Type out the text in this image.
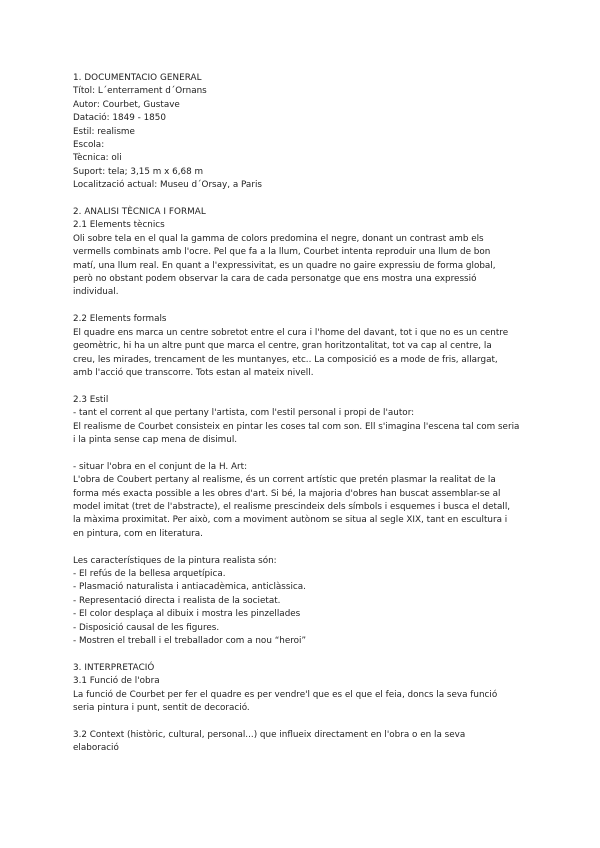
1. DOCUMENTACIO GENERAL

Títol: L´enterrament d´Ornans

Autor: Courbet, Gustave

Datació: 1849 - 1850

Estil: realisme

Escola:

Tècnica: oli

Suport: tela; 3,15 m x 6,68 m

Localització actual: Museu d´Orsay, a Paris

2. ANALISI TÈCNICA I FORMAL

2.1 Elements tècnics

Oli sobre tela en el qual la gamma de colors predomina el negre, donant un contrast amb els

vermells combinats amb l'ocre. Pel que fa a la llum, Courbet intenta reproduir una llum de bon

matí, una llum real. En quant a l'expressivitat, es un quadre no gaire expressiu de forma global,

però no obstant podem observar la cara de cada personatge que ens mostra una expressió

individual.

2.2 Elements formals

El quadre ens marca un centre sobretot entre el cura i l'home del davant, tot i que no es un centre

geomètric, hi ha un altre punt que marca el centre, gran horitzontalitat, tot va cap al centre, la

creu, les mirades, trencament de les muntanyes, etc.. La composició es a mode de fris, allargat,

amb l'acció que transcorre. Tots estan al mateix nivell.

2.3 Estil

- tant el corrent al que pertany l'artista, com l'estil personal i propi de l'autor:

El realisme de Courbet consisteix en pintar les coses tal com son. Ell s'imagina l'escena tal com seria

i la pinta sense cap mena de disimul.

- situar l'obra en el conjunt de la H. Art:

L'obra de Coubert pertany al realisme, és un corrent artístic que pretén plasmar la realitat de la

forma més exacta possible a les obres d'art. Si bé, la majoria d'obres han buscat assemblar-se al

model imitat (tret de l'abstracte), el realisme prescindeix dels símbols i esquemes i busca el detall,

la màxima proximitat. Per això, com a moviment autònom se situa al segle XIX, tant en escultura i

en pintura, com en literatura.

Les característiques de la pintura realista són:

- El refús de la bellesa arquetípica.

- Plasmació naturalista i antiacadèmica, anticlàssica.

- Representació directa i realista de la societat.

- El color desplaça al dibuix i mostra les pinzellades

- Disposició causal de les figures.

- Mostren el treball i el treballador com a nou “heroi”

3. INTERPRETACIÓ

3.1 Funció de l'obra

La funció de Courbet per fer el quadre es per vendre'l que es el que el feia, doncs la seva funció

seria pintura i punt, sentit de decoració.

3.2 Context (històric, cultural, personal...) que influeix directament en l'obra o en la seva

elaboració
